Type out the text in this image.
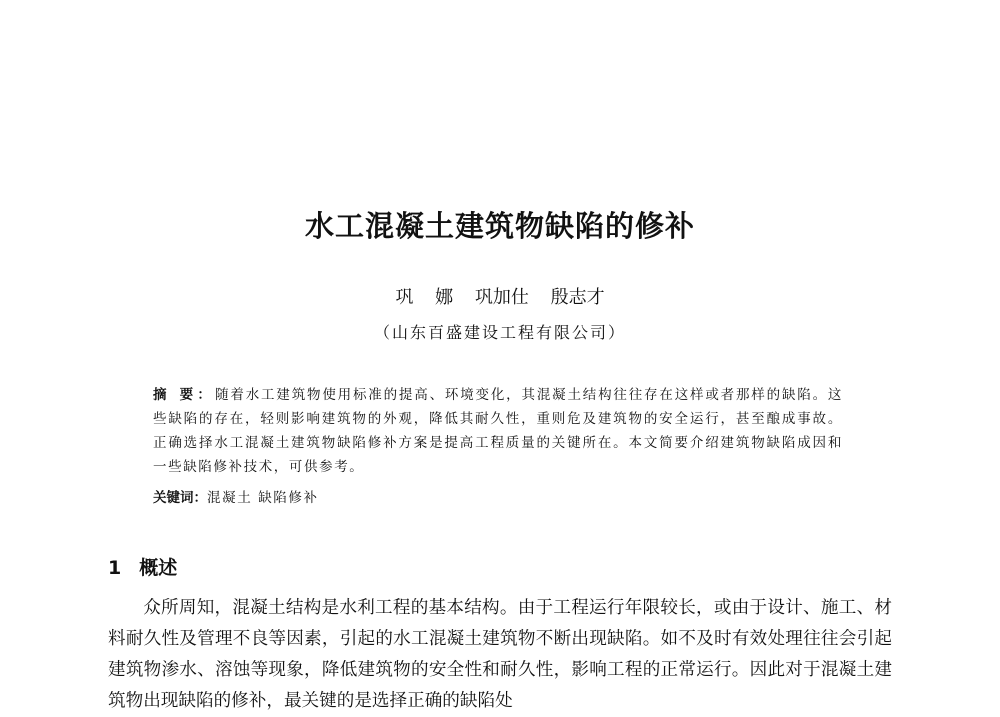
水工混凝土建筑物缺陷的修补
巩 娜 巩加仕 殷志才
（山东百盛建设工程有限公司）
摘 要：随着水工建筑物使用标准的提高、环境变化，其混凝土结构往往存在这样或者那样的缺陷。这些缺陷的存在，轻则影响建筑物的外观，降低其耐久性，重则危及建筑物的安全运行，甚至酿成事故。正确选择水工混凝土建筑物缺陷修补方案是提高工程质量的关键所在。本文简要介绍建筑物缺陷成因和一些缺陷修补技术，可供参考。
关键词：混凝土 缺陷修补
1 概述

众所周知，混凝土结构是水利工程的基本结构。由于工程运行年限较长，或由于设计、施工、材料耐久性及管理不良等因素，引起的水工混凝土建筑物不断出现缺陷。如不及时有效处理往往会引起建筑物渗水、溶蚀等现象，降低建筑物的安全性和耐久性，影响工程的正常运行。因此对于混凝土建筑物出现缺陷的修补，最关键的是选择正确的缺陷处
